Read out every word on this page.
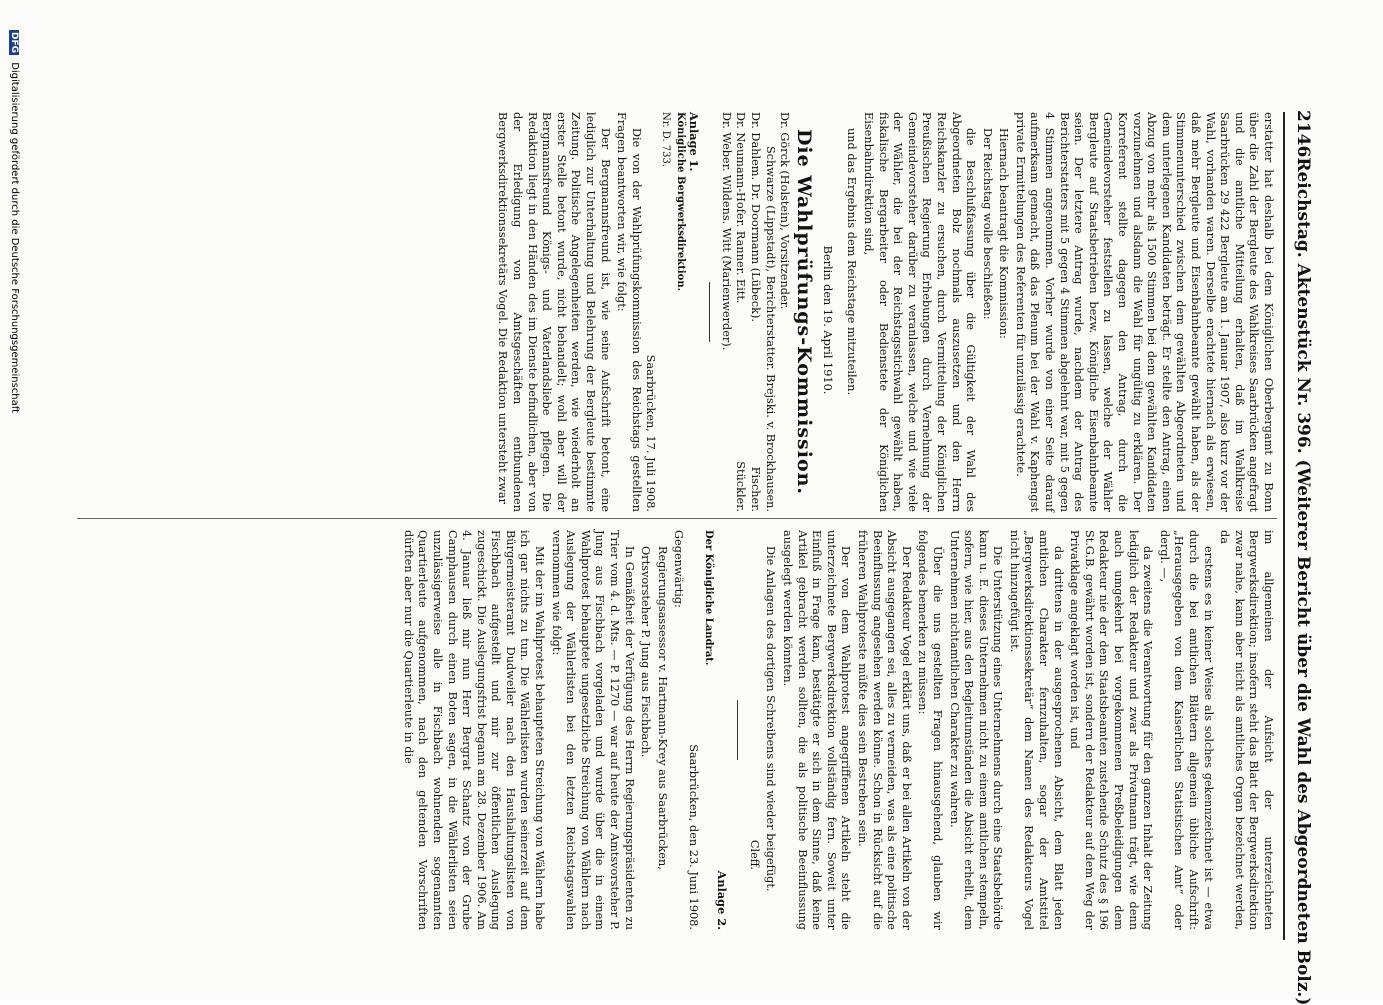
2146
Reichstag. Aktenstück Nr. 396. (Weiterer Bericht über die Wahl des Abgeordneten Bolz.)

erstatter hat deshalb bei dem Königlichen Oberbergamt zu Bonn über die Zahl der Bergleute des Wahlkreises Saarbrücken angefragt und die amtliche Mitteilung erhalten, daß im Wahlkreise Saarbrücken 29 422 Bergleute am 1. Januar 1907, also kurz vor der Wahl, vorhanden waren. Derselbe erachtete hiernach als erwiesen, daß mehr Bergleute und Eisenbahnbeamte gewählt haben, als der Stimmenunterschied zwischen dem gewählten Abgeordneten und dem unterlegenen Kandidaten beträgt. Er stellte den Antrag, einen Abzug von mehr als 1500 Stimmen bei dem gewählten Kandidaten vorzunehmen und alsdann die Wahl für ungültig zu erklären. Der Korreferent stellte dagegen den Antrag, durch die Gemeindevorsteher feststellen zu lassen, welche der Wähler Bergleute auf Staatsbetrieben bezw. Königliche Eisenbahnbeamte seien. Der letztere Antrag wurde, nachdem der Antrag des Berichterstatters mit 5 gegen 4 Stimmen abgelehnt war, mit 5 gegen 4 Stimmen angenommen. Vorher wurde von einer Seite darauf aufmerksam gemacht, daß das Plenum bei der Wahl v. Kaphengst private Ermittelungen des Referenten für unzulässig erachtete.

Hiernach beantragt die Kommission:

Der Reichstag wolle beschließen:

die Beschlußfassung über die Gültigkeit der Wahl des Abgeordneten Bolz nochmals auszusetzen und den Herrn Reichskanzler zu ersuchen, durch Vermittelung der Königlichen Preußischen Regierung Erhebungen durch Vernehmung der Gemeindevorsteher darüber zu veranlassen, welche und wie viele der Wähler, die bei der Reichstagsstichwahl gewählt haben, fiskalische Bergarbeiter oder Bedienstete der Königlichen Eisenbahndirektion sind,

und das Ergebnis dem Reichstage mitzuteilen.

Berlin den 19. April 1910.

Die Wahlprüfungs-Kommission.
Dr. Görck (Holstein), Vorsitzender.
Schwarze (Lippstadt), Berichterstatter. Brejski. v. Brockhausen.
Dr. Dahlem. Dr. Doormann (Lübeck).
Fischer.
Dr. Neumann-Hofer. Ranner. Eitt.
Stückler.
Dr. Weber. Wildens. Witt (Marienwerder).
Anlage 1.
Königliche Bergwerksdirektion.
Nr. D. 733.
Saarbrücken, 17. Juli 1908.

Die von der Wahlprüfungskommission des Reichstags gestellten Fragen beantworten wir, wie folgt:

Der Bergmannsfreund ist, wie seine Aufschrift betont, eine lediglich zur Unterhaltung und Belehrung der Bergleute bestimmte Zeitung. Politische Angelegenheiten werden, wie wiederholt an erster Stelle betont wurde, nicht behandelt; wohl aber will der Bergmannsfreund Königs- und Vaterlandsliebe pflegen. Die Redaktion liegt in den Händen des im Dienste befindlichen, aber von der Erledigung von Amtsgeschäften entbundenen Bergwerksdirektionssekretärs Vogel. Die Redaktion untersteht zwar

im allgemeinen der Aufsicht der unterzeichneten Bergwerksdirektion; insofern steht das Blatt der Bergwerksdirektion zwar nahe, kann aber nicht als amtliches Organ bezeichnet werden, da

erstens es in keiner Weise als solches gekennzeichnet ist — etwa durch die bei amtlichen Blättern allgemein übliche Aufschrift: „Herausgegeben von dem Kaiserlichen Statistischen Amt“ oder dergl. —,

da zweitens die Verantwortung für den ganzen Inhalt der Zeitung lediglich der Redakteur und zwar als Privatmann trägt, wie denn auch umgekehrt bei vorgekommenen Preßbeleidigungen dem Redakteur nie der dem Staatsbeamten zustehende Schutz des § 196 St.G.B. gewährt worden ist, sondern der Redakteur auf dem Weg der Privatklage angeklagt worden ist, und

da drittens in der ausgesprochenen Absicht, dem Blatt jeden amtlichen Charakter fernzuhalten, sogar der Amtstitel „Bergwerksdirektionssekretär“ dem Namen des Redakteurs Vogel nicht hinzugefügt ist.

Die Unterstützung eines Unternehmens durch eine Staatsbehörde kann u. E. dieses Unternehmen nicht zu einem amtlichen stempeln, sofern, wie hier, aus den Begleitumständen die Absicht erhellt, dem Unternehmen nichtamtlichen Charakter zu wahren.

Über die uns gestellten Fragen hinausgehend, glauben wir folgendes bemerken zu müssen:

Der Redakteur Vogel erklärt uns, daß er bei allen Artikeln von der Absicht ausgegangen sei, alles zu vermeiden, was als eine politische Beeinflussung angesehen werden könne. Schon in Rücksicht auf die früheren Wahlproteste müßte dies sein Bestreben sein.

Der von dem Wahlprotest angegriffenen Artikeln steht die unterzeichnete Bergwerksdirektion vollständig fern. Soweit unter Einfluß in Frage kam, bestätigte er sich in dem Sinne, daß keine Artikel gebracht werden sollten, die als politische Beeinflussung ausgelegt werden könnten.

Die Anlagen des dortigen Schreibens sind wieder beigefügt.

Cleff.
Anlage 2.
Der Königliche Landrat.
Saarbrücken, den 23. Juni 1908.

Gegenwärtig:

Regierungsassessor v. Hartmann-Krey aus Saarbrücken,

Ortsvorsteher P. Jung aus Fischbach.

In Gemäßheit der Verfügung des Herrn Regierungspräsidenten zu Trier vom 4. d. Mts. — P. 1270 — war auf heute der Amtsvorsteher P. Jung aus Fischbach vorgeladen und wurde über die in einem Wahlprotest behauptete ungesetzliche Streichung von Wählern nach Auslegung der Wählerlisten bei den letzten Reichstagswahlen vernommen wie folgt:

Mit der im Wahlprotest behaupteten Streichung von Wählern habe ich gar nichts zu tun. Die Wählerlisten wurden seinerzeit auf dem Bürgermeisteramt Dudweiler nach den Haushaltungslisten von Fischbach aufgestellt und mir zur öffentlichen Auslegung zugeschickt. Die Auslegungsfrist begann am 28. Dezember 1906. Am 4. Januar ließ mir nun Herr Bergrat Schantz von der Grube Camphausen durch einen Boten sagen, in die Wählerlisten seien unzulässigerweise alle in Fischbach wohnenden sogenannten Quartierleute aufgenommen, nach den geltenden Vorschriften dürften aber nur die Quartierleute in die

DFG Digitalisierung gefördert durch die Deutsche Forschungsgemeinschaft
